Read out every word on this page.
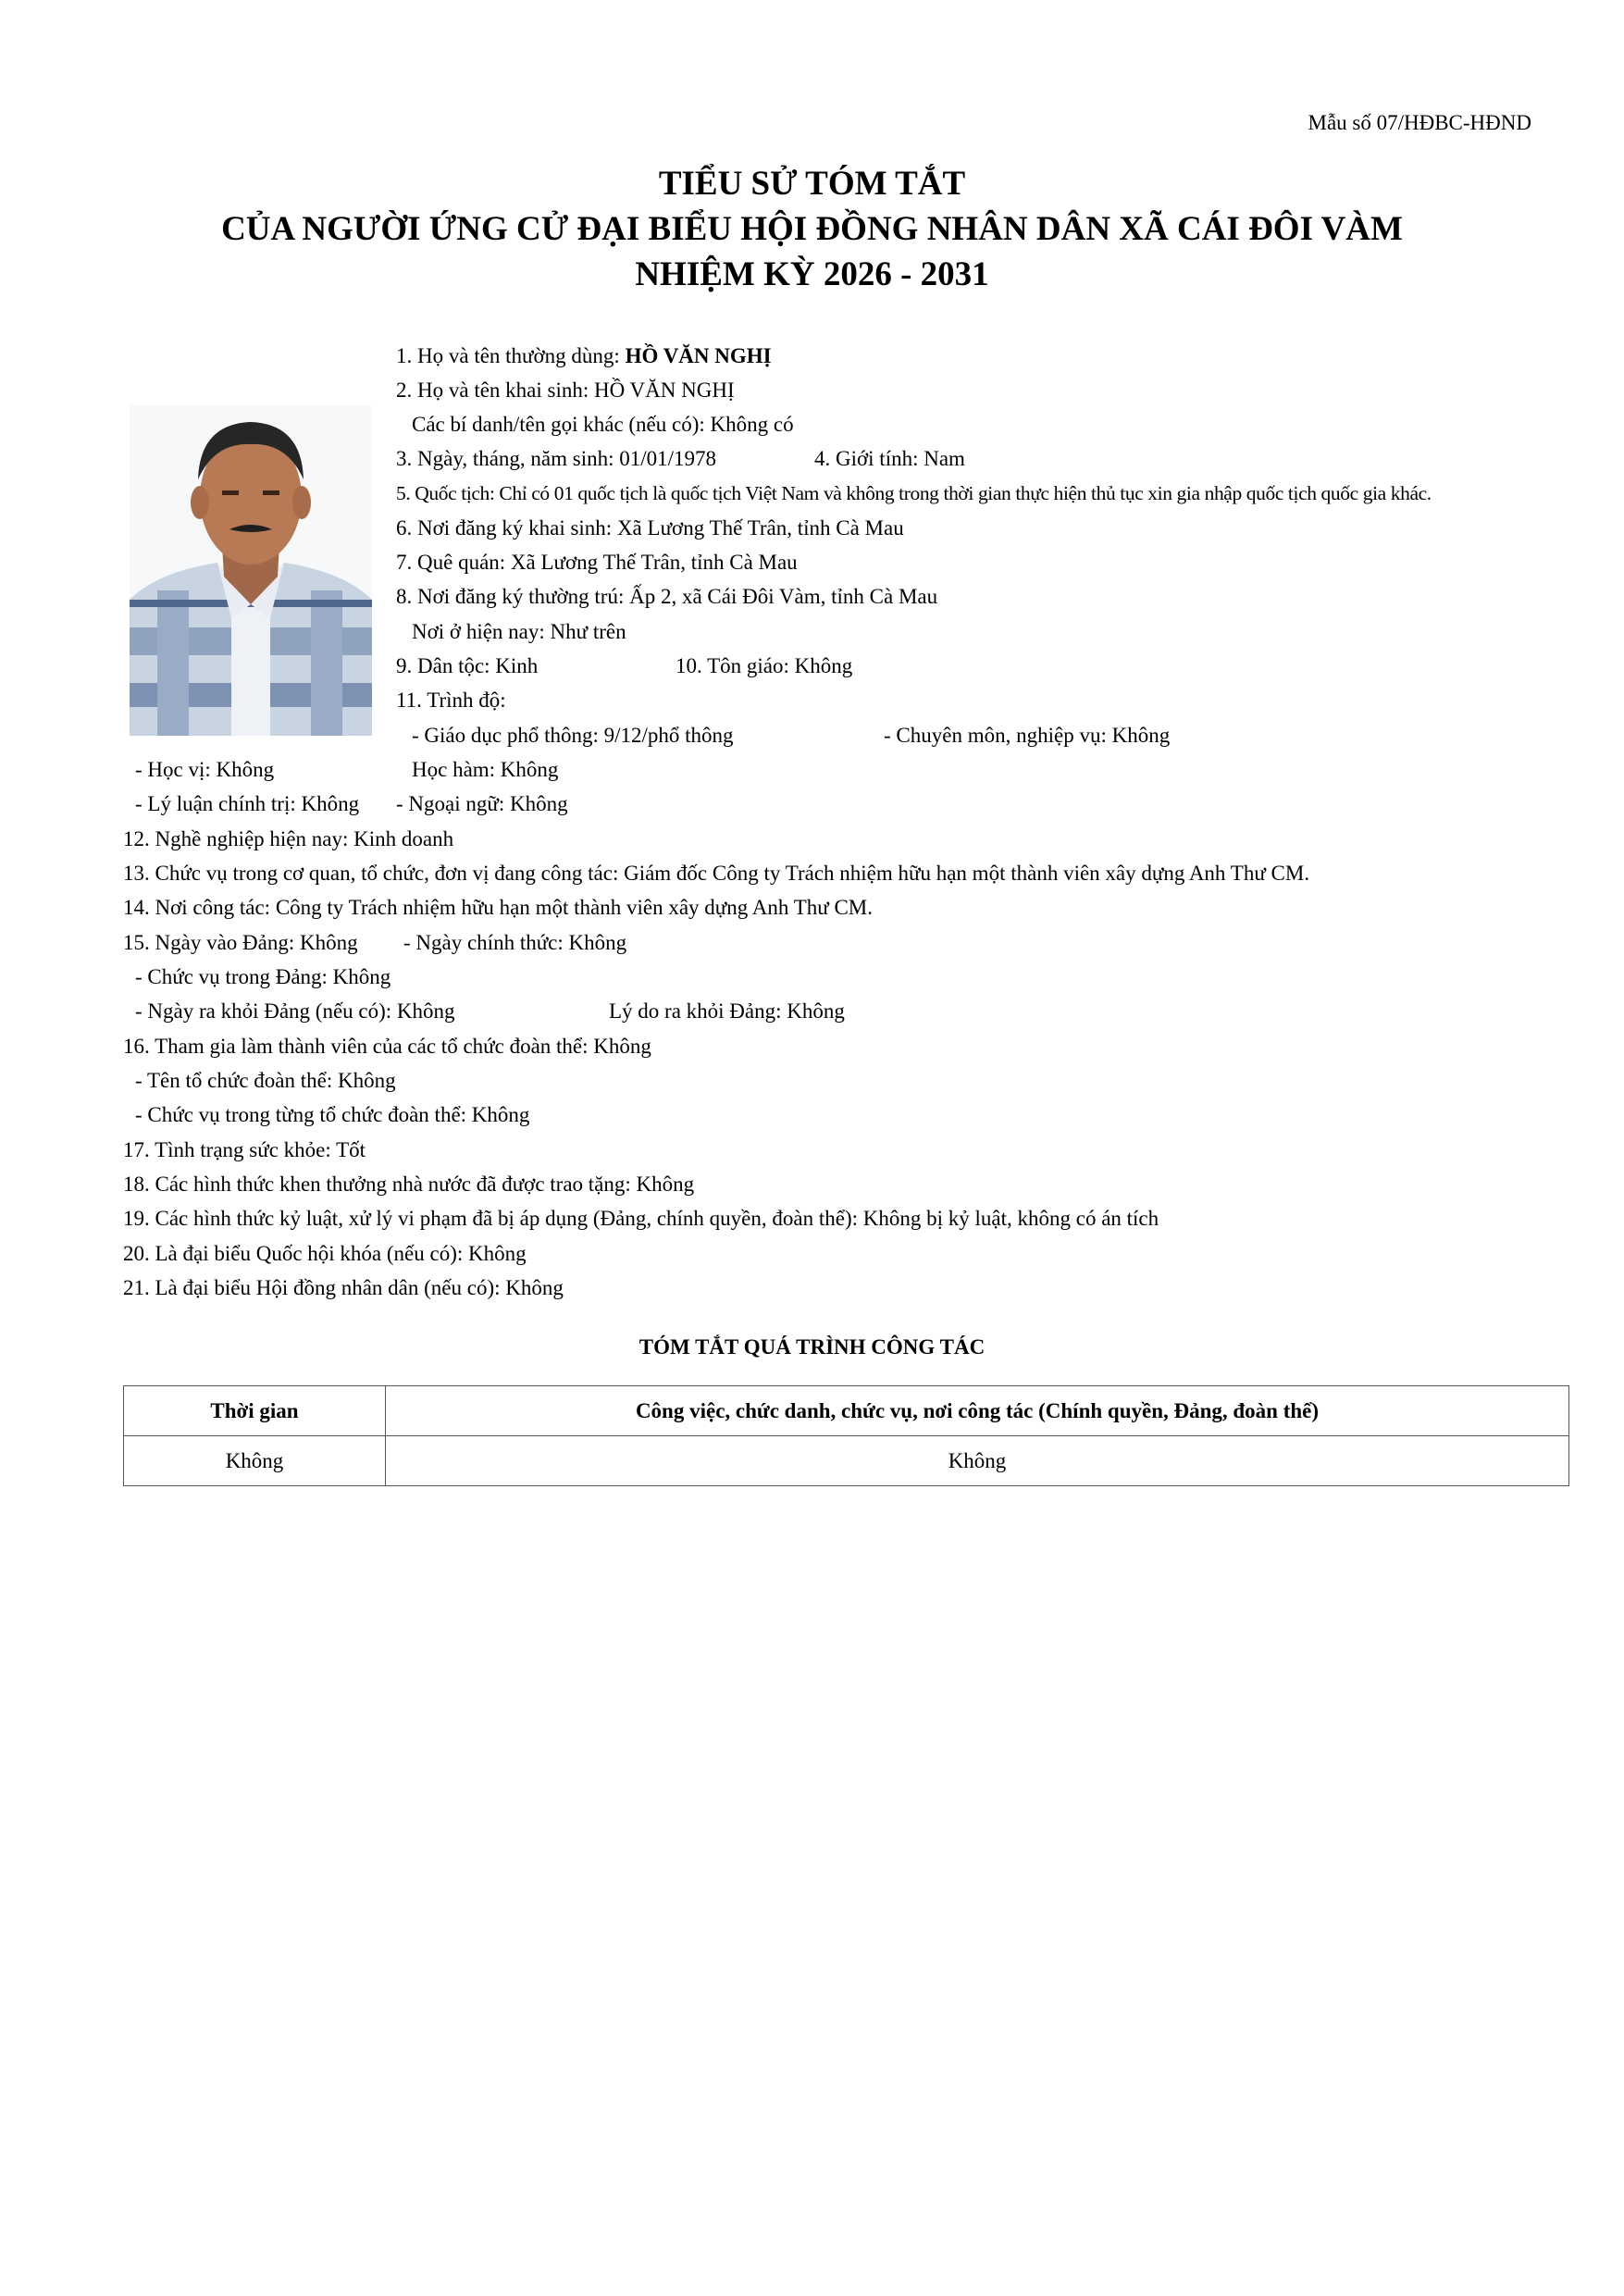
Mẫu số 07/HĐBC-HĐND
TIỂU SỬ TÓM TẮT
CỦA NGƯỜI ỨNG CỬ ĐẠI BIỂU HỘI ĐỒNG NHÂN DÂN XÃ CÁI ĐÔI VÀM
NHIỆM KỲ 2026 - 2031
1. Họ và tên thường dùng: HỒ VĂN NGHỊ
2. Họ và tên khai sinh: HỒ VĂN NGHỊ
Các bí danh/tên gọi khác (nếu có): Không có
3. Ngày, tháng, năm sinh: 01/01/1978	4. Giới tính: Nam
5. Quốc tịch: Chỉ có 01 quốc tịch là quốc tịch Việt Nam và không trong thời gian thực hiện thủ tục xin gia nhập quốc tịch quốc gia khác.
6. Nơi đăng ký khai sinh: Xã Lương Thế Trân, tỉnh Cà Mau
7. Quê quán: Xã Lương Thế Trân, tỉnh Cà Mau
8. Nơi đăng ký thường trú: Ấp 2, xã Cái Đôi Vàm, tỉnh Cà Mau
Nơi ở hiện nay: Như trên
9. Dân tộc: Kinh	10. Tôn giáo: Không
11. Trình độ:
- Giáo dục phổ thông: 9/12/phổ thông	- Chuyên môn, nghiệp vụ: Không
- Học vị: Không	Học hàm: Không
- Lý luận chính trị: Không - Ngoại ngữ: Không
12. Nghề nghiệp hiện nay: Kinh doanh
13. Chức vụ trong cơ quan, tổ chức, đơn vị đang công tác: Giám đốc Công ty Trách nhiệm hữu hạn một thành viên xây dựng Anh Thư CM.
14. Nơi công tác: Công ty Trách nhiệm hữu hạn một thành viên xây dựng Anh Thư CM.
15. Ngày vào Đảng: Không - Ngày chính thức: Không
- Chức vụ trong Đảng: Không
- Ngày ra khỏi Đảng (nếu có): Không	Lý do ra khỏi Đảng: Không
16. Tham gia làm thành viên của các tổ chức đoàn thể: Không
- Tên tổ chức đoàn thể: Không
- Chức vụ trong từng tổ chức đoàn thể: Không
17. Tình trạng sức khỏe: Tốt
18. Các hình thức khen thưởng nhà nước đã được trao tặng: Không
19. Các hình thức kỷ luật, xử lý vi phạm đã bị áp dụng (Đảng, chính quyền, đoàn thể): Không bị kỷ luật, không có án tích
20. Là đại biểu Quốc hội khóa (nếu có): Không
21. Là đại biểu Hội đồng nhân dân (nếu có): Không
TÓM TẮT QUÁ TRÌNH CÔNG TÁC
Thời gian	Công việc, chức danh, chức vụ, nơi công tác (Chính quyền, Đảng, đoàn thể)
Không	Không
